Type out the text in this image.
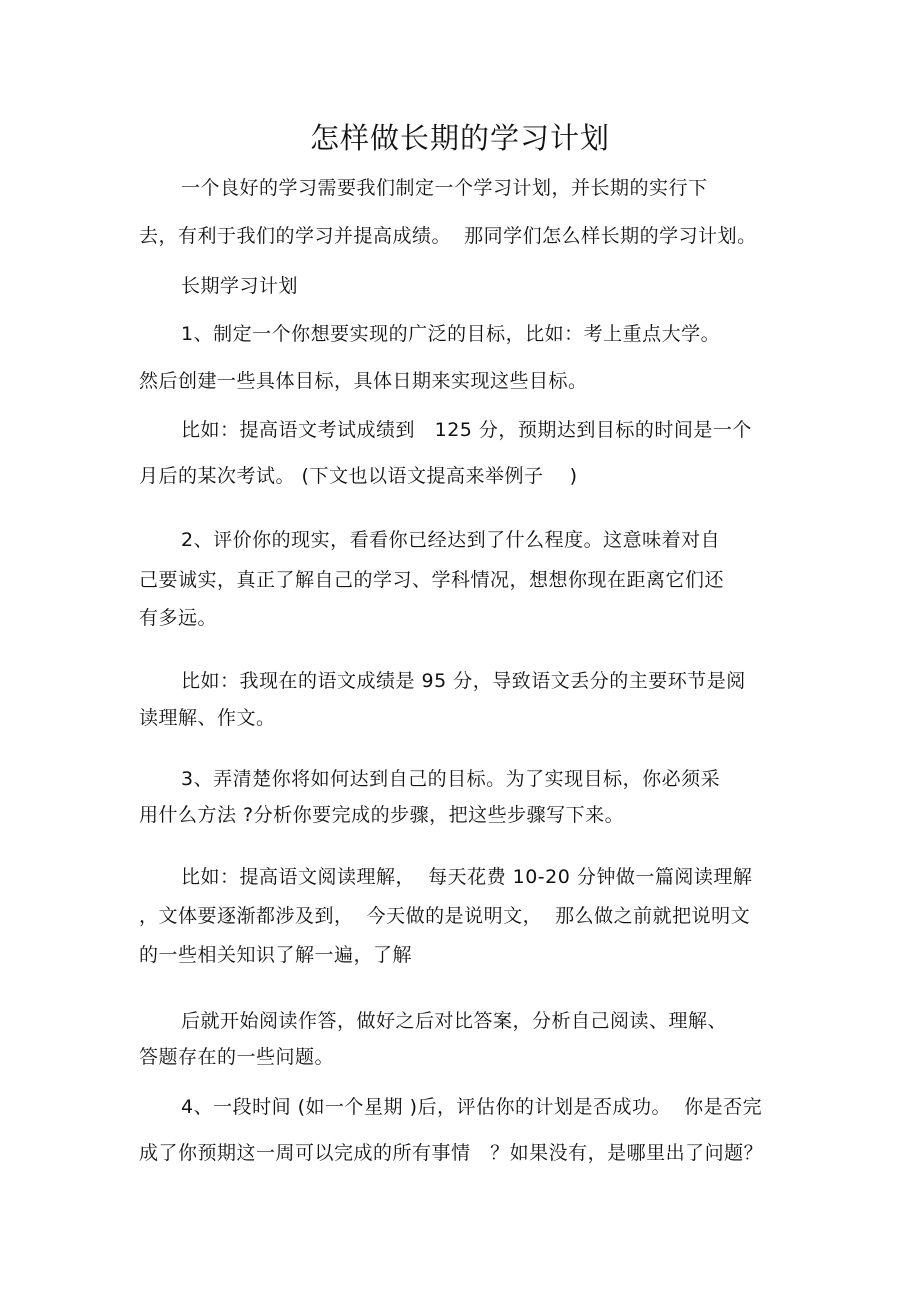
怎样做长期的学习计划
一个良好的学习需要我们制定一个学习计划，并长期的实行下
去，有利于我们的学习并提高成绩。  那同学们怎么样长期的学习计划。
长期学习计划
1、制定一个你想要实现的广泛的目标，比如：考上重点大学。
然后创建一些具体目标，具体日期来实现这些目标。
比如：提高语文考试成绩到   125 分，预期达到目标的时间是一个
月后的某次考试。 (下文也以语文提高来举例子    )
2、评价你的现实，看看你已经达到了什么程度。这意味着对自
己要诚实，真正了解自己的学习、学科情况，想想你现在距离它们还
有多远。
比如：我现在的语文成绩是 95 分，导致语文丢分的主要环节是阅
读理解、作文。
3、弄清楚你将如何达到自己的目标。为了实现目标，你必须采
用什么方法 ?分析你要完成的步骤，把这些步骤写下来。
比如：提高语文阅读理解，  每天花费 10-20 分钟做一篇阅读理解
，文体要逐渐都涉及到，  今天做的是说明文，  那么做之前就把说明文
的一些相关知识了解一遍，了解
后就开始阅读作答，做好之后对比答案，分析自己阅读、理解、
答题存在的一些问题。
4、一段时间 (如一个星期 )后，评估你的计划是否成功。  你是否完
成了你预期这一周可以完成的所有事情   ？如果没有，是哪里出了问题？
